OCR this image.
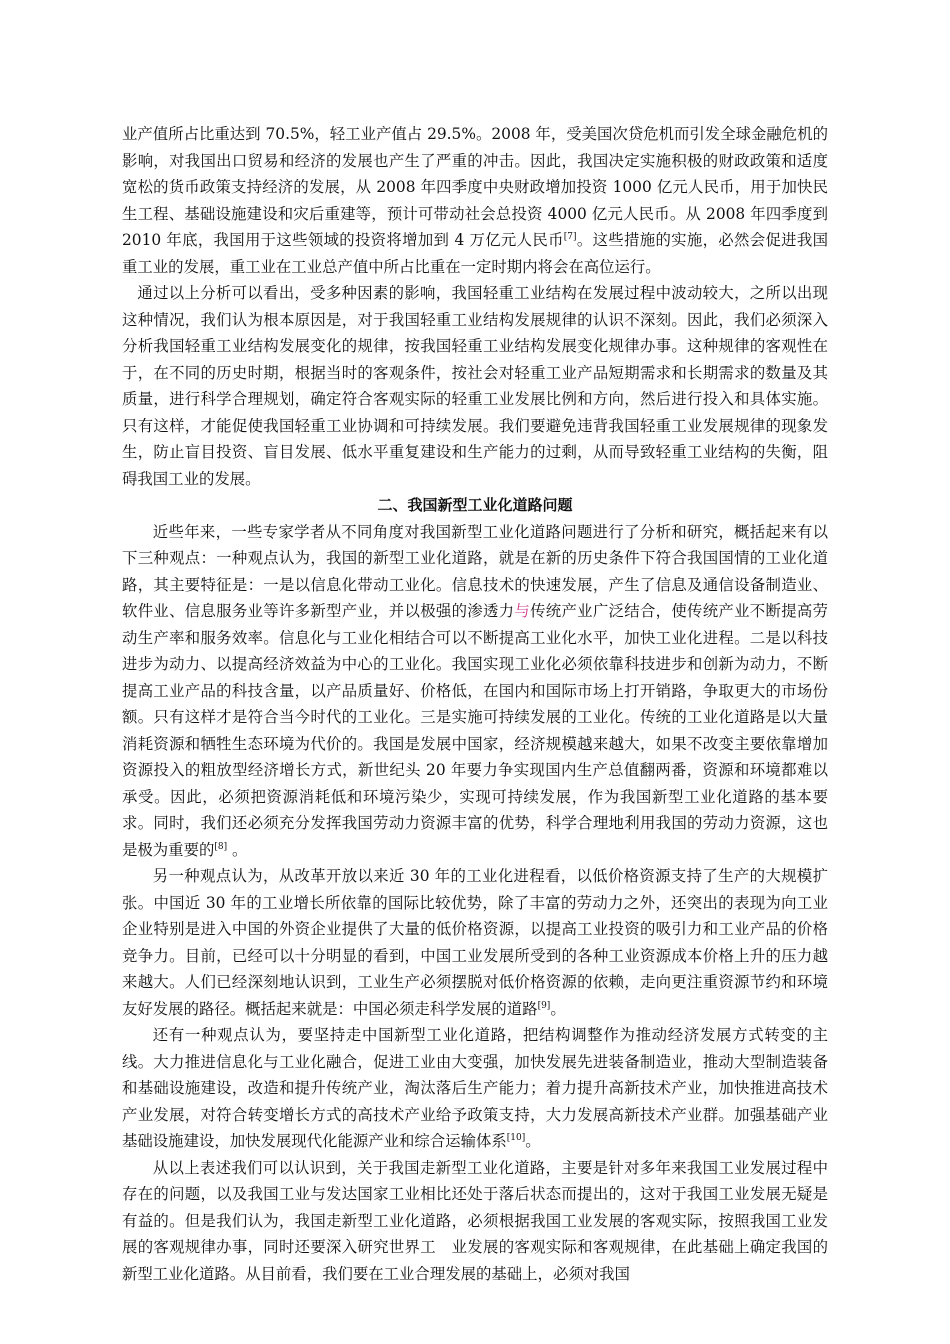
业产值所占比重达到 70.5%，轻工业产值占 29.5%。2008 年，受美国次贷危机而引发全球金融危机的影响，对我国出口贸易和经济的发展也产生了严重的冲击。因此，我国决定实施积极的财政政策和适度宽松的货币政策支持经济的发展，从 2008 年四季度中央财政增加投资 1000 亿元人民币，用于加快民生工程、基础设施建设和灾后重建等，预计可带动社会总投资 4000 亿元人民币。从 2008 年四季度到 2010 年底，我国用于这些领域的投资将增加到 4 万亿元人民币[7]。这些措施的实施，必然会促进我国重工业的发展，重工业在工业总产值中所占比重在一定时期内将会在高位运行。

通过以上分析可以看出，受多种因素的影响，我国轻重工业结构在发展过程中波动较大，之所以出现这种情况，我们认为根本原因是，对于我国轻重工业结构发展规律的认识不深刻。因此，我们必须深入分析我国轻重工业结构发展变化的规律，按我国轻重工业结构发展变化规律办事。这种规律的客观性在于，在不同的历史时期，根据当时的客观条件，按社会对轻重工业产品短期需求和长期需求的数量及其质量，进行科学合理规划，确定符合客观实际的轻重工业发展比例和方向，然后进行投入和具体实施。只有这样，才能促使我国轻重工业协调和可持续发展。我们要避免违背我国轻重工业发展规律的现象发生，防止盲目投资、盲目发展、低水平重复建设和生产能力的过剩，从而导致轻重工业结构的失衡，阻碍我国工业的发展。

二、我国新型工业化道路问题

近些年来，一些专家学者从不同角度对我国新型工业化道路问题进行了分析和研究，概括起来有以下三种观点：一种观点认为，我国的新型工业化道路，就是在新的历史条件下符合我国国情的工业化道路，其主要特征是：一是以信息化带动工业化。信息技术的快速发展，产生了信息及通信设备制造业、软件业、信息服务业等许多新型产业，并以极强的渗透力与传统产业广泛结合，使传统产业不断提高劳动生产率和服务效率。信息化与工业化相结合可以不断提高工业化水平，加快工业化进程。二是以科技进步为动力、以提高经济效益为中心的工业化。我国实现工业化必须依靠科技进步和创新为动力，不断提高工业产品的科技含量，以产品质量好、价格低，在国内和国际市场上打开销路，争取更大的市场份额。只有这样才是符合当今时代的工业化。三是实施可持续发展的工业化。传统的工业化道路是以大量消耗资源和牺牲生态环境为代价的。我国是发展中国家，经济规模越来越大，如果不改变主要依靠增加资源投入的粗放型经济增长方式，新世纪头 20 年要力争实现国内生产总值翻两番，资源和环境都难以承受。因此，必须把资源消耗低和环境污染少，实现可持续发展，作为我国新型工业化道路的基本要求。同时，我们还必须充分发挥我国劳动力资源丰富的优势，科学合理地利用我国的劳动力资源，这也是极为重要的[8] 。

另一种观点认为，从改革开放以来近 30 年的工业化进程看，以低价格资源支持了生产的大规模扩张。中国近 30 年的工业增长所依靠的国际比较优势，除了丰富的劳动力之外，还突出的表现为向工业企业特别是进入中国的外资企业提供了大量的低价格资源，以提高工业投资的吸引力和工业产品的价格竞争力。目前，已经可以十分明显的看到，中国工业发展所受到的各种工业资源成本价格上升的压力越来越大。人们已经深刻地认识到，工业生产必须摆脱对低价格资源的依赖，走向更注重资源节约和环境友好发展的路径。概括起来就是：中国必须走科学发展的道路[9]。

还有一种观点认为，要坚持走中国新型工业化道路，把结构调整作为推动经济发展方式转变的主线。大力推进信息化与工业化融合，促进工业由大变强，加快发展先进装备制造业，推动大型制造装备和基础设施建设，改造和提升传统产业，淘汰落后生产能力；着力提升高新技术产业，加快推进高技术产业发展，对符合转变增长方式的高技术产业给予政策支持，大力发展高新技术产业群。加强基础产业基础设施建设，加快发展现代化能源产业和综合运输体系[10]。

从以上表述我们可以认识到，关于我国走新型工业化道路，主要是针对多年来我国工业发展过程中存在的问题，以及我国工业与发达国家工业相比还处于落后状态而提出的，这对于我国工业发展无疑是有益的。但是我们认为，我国走新型工业化道路，必须根据我国工业发展的客观实际，按照我国工业发展的客观规律办事，同时还要深入研究世界工　业发展的客观实际和客观规律，在此基础上确定我国的新型工业化道路。从目前看，我们要在工业合理发展的基础上，必须对我国
